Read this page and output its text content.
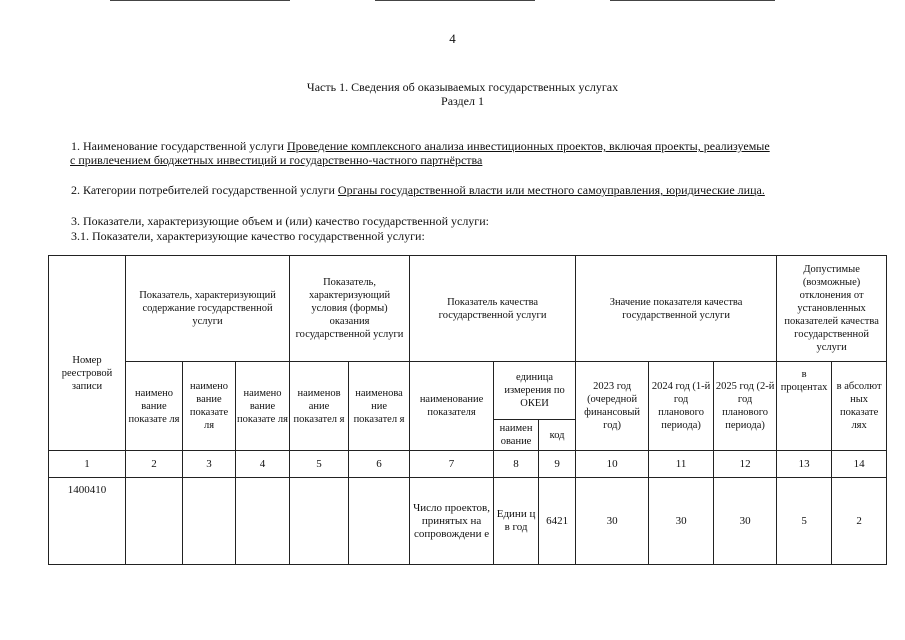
4
Часть 1. Сведения об оказываемых государственных услугах
Раздел 1
1. Наименование государственной услуги Проведение комплексного анализа инвестиционных проектов, включая проекты, реализуемые
с привлечением бюджетных инвестиций и государственно-частного партнёрства
2. Категории потребителей государственной услуги Органы государственной власти или местного самоуправления, юридические лица.
3. Показатели, характеризующие объем и (или) качество государственной услуги:
3.1. Показатели, характеризующие качество государственной услуги:
Номер реестровой записи	Показатель, характеризующий содержание государственной услуги			Показатель, характеризующий условия (формы) оказания государственной услуги		Показатель качества государственной услуги			Значение показателя качества государственной услуги			Допустимые (возможные) отклонения от установленных показателей качества государственной услуги	
	наимено вание показате ля	наимено вание показате ля	наимено вание показате ля	наименов ание показател я	наименова ние показател я	наименование показателя	единица измерения по ОКЕИ		2023 год (очередной финансовый год)	2024 год (1-й год планового периода)	2025 год (2-й год планового периода)	в процентах	в абсолют ных показате лях
							наимен ование	код					
1	2	3	4	5	6	7	8	9	10	11	12	13	14
1400410						Число проектов, принятых на сопровождени е	Едини ц в год	6421	30	30	30	5	2
